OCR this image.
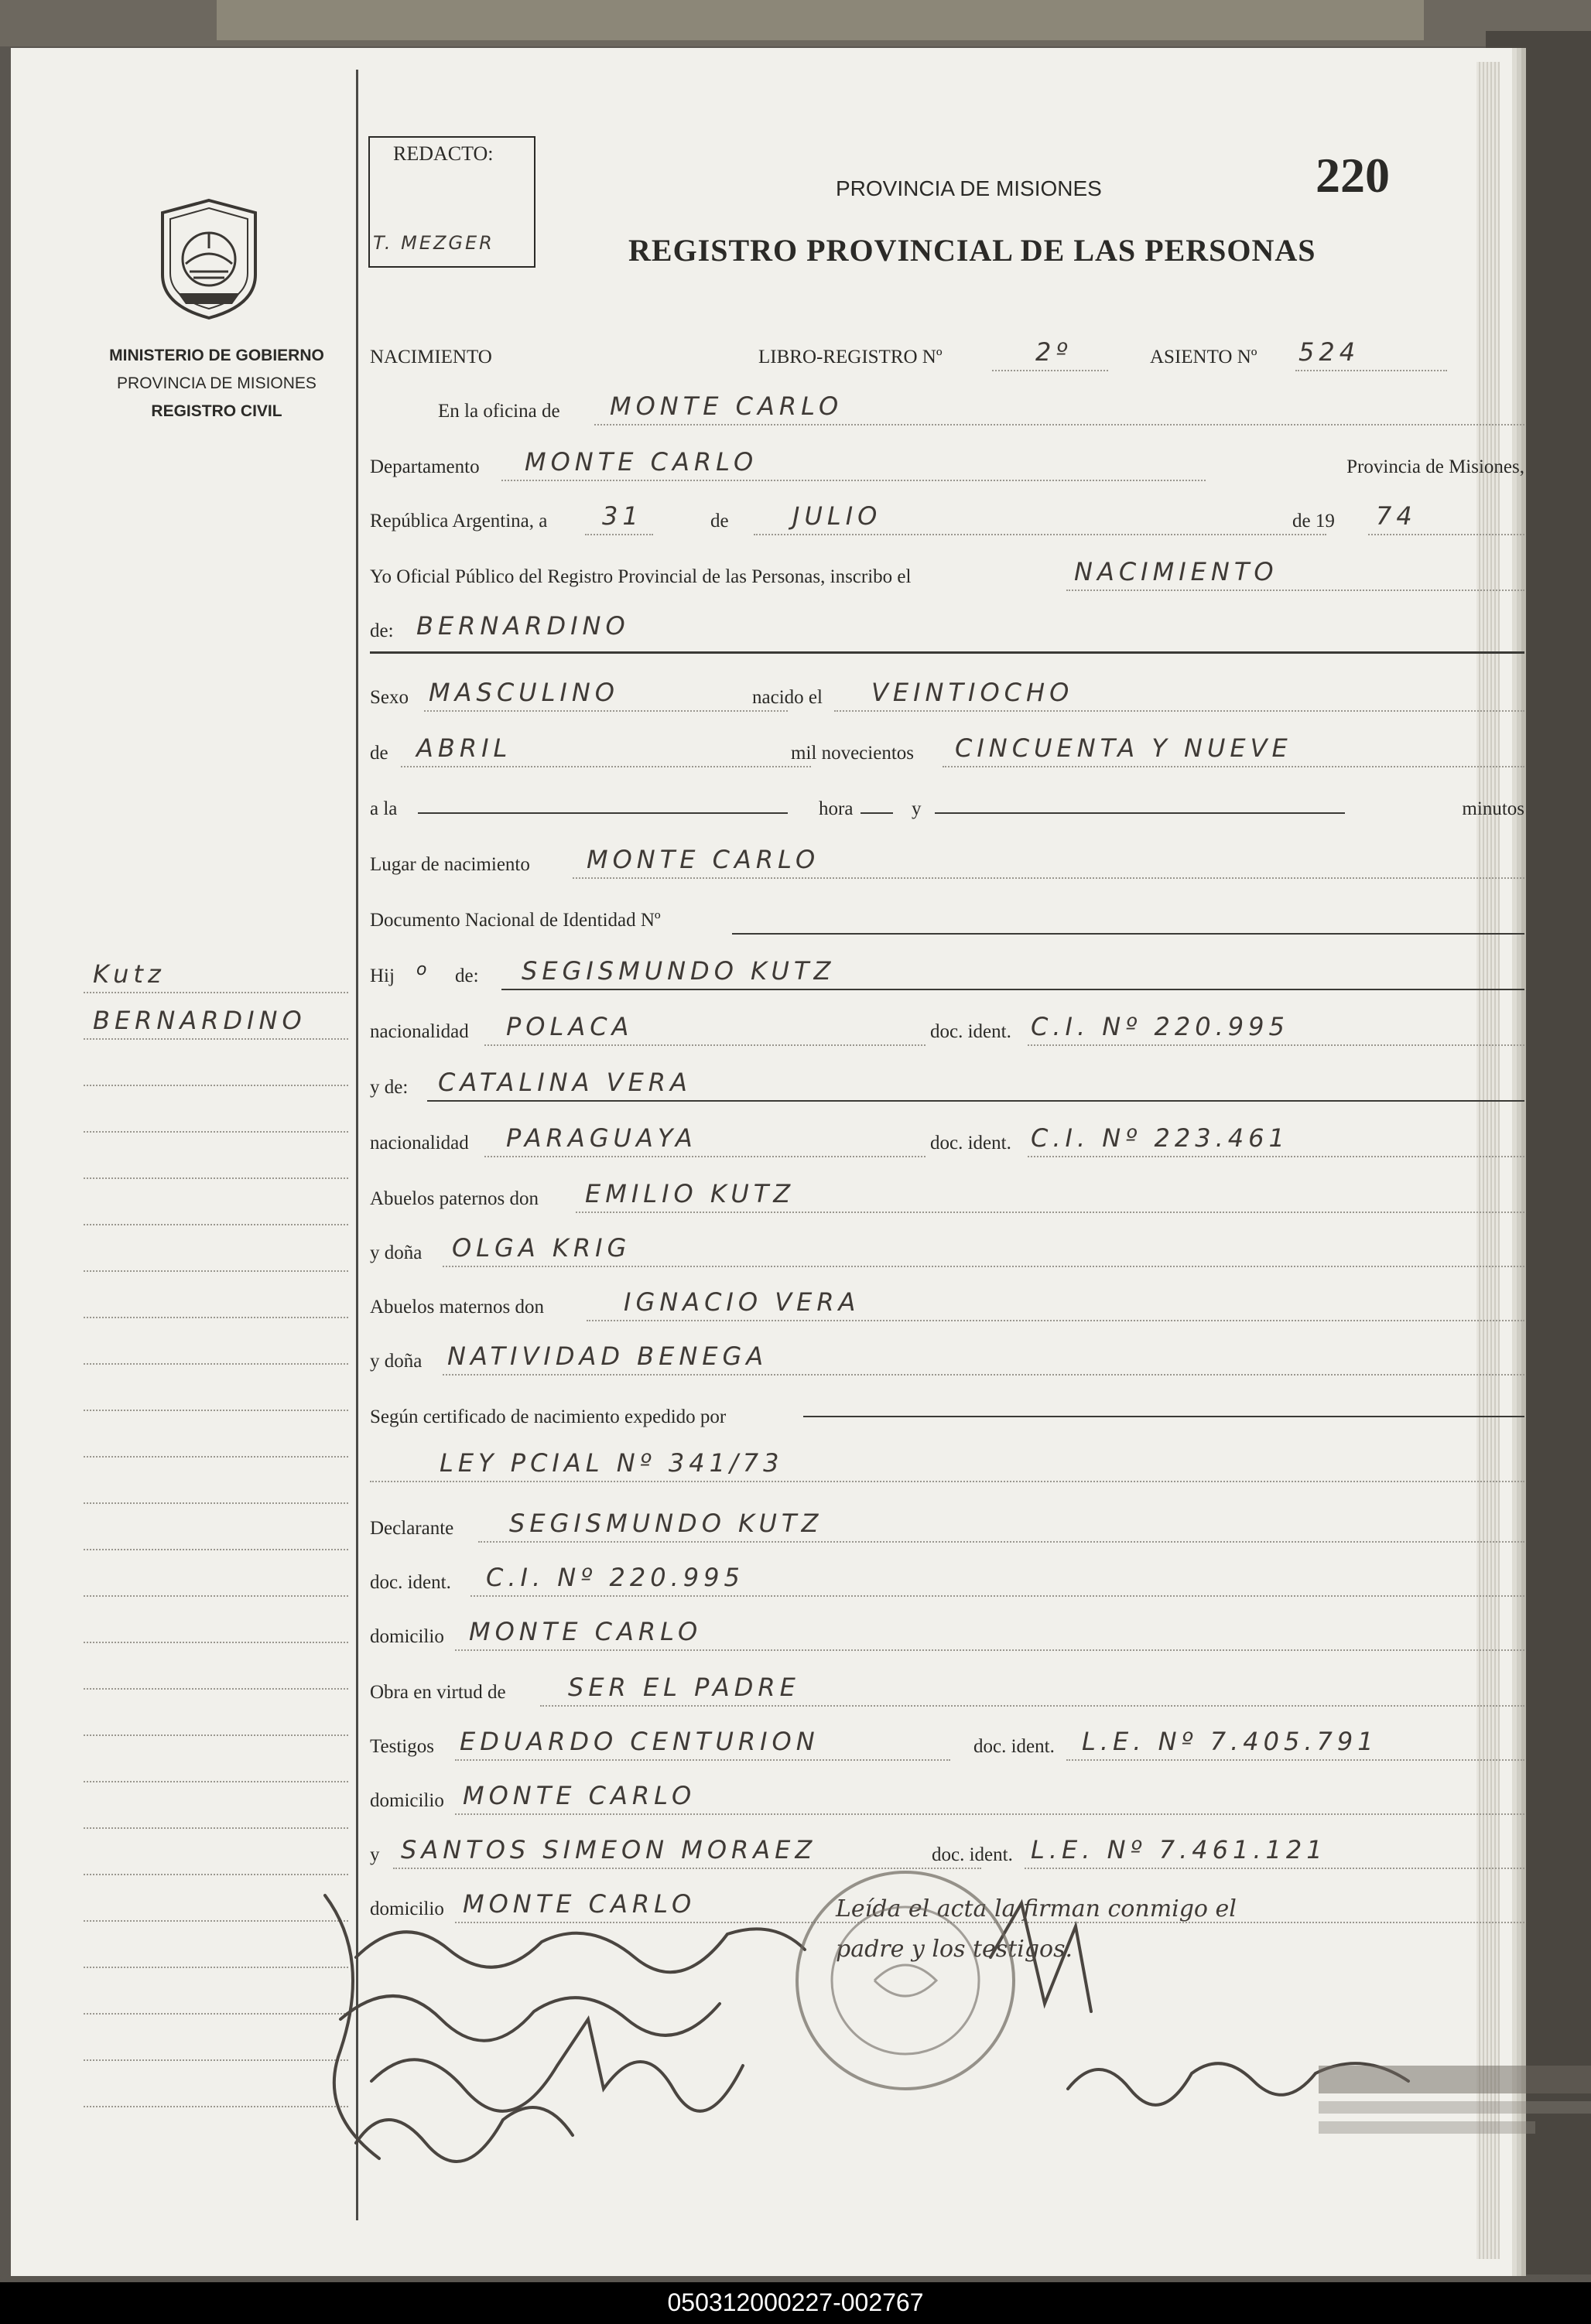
MINISTERIO DE GOBIERNO
PROVINCIA DE MISIONES
REGISTRO CIVIL
Kutz
BERNARDINO
REDACTO:
T. MEZGER
PROVINCIA DE MISIONES
REGISTRO PROVINCIAL DE LAS PERSONAS
220
NACIMIENTO	LIBRO-REGISTRO Nº	2º	ASIENTO Nº 524
En la oficina de MONTE CARLO
Departamento MONTE CARLO	Provincia de Misiones,
República Argentina, a 31	de	JULIO	de 19 74
Yo Oficial Público del Registro Provincial de las Personas, inscribo el	NACIMIENTO
de: BERNARDINO
Sexo MASCULINO	nacido el VEINTIOCHO
de ABRIL	mil novecientos CINCUENTA Y NUEVE
a la	hora	y	minutos
Lugar de nacimiento MONTE CARLO
Documento Nacional de Identidad Nº
Hij o de: SEGISMUNDO KUTZ
nacionalidad POLACA	doc. ident. C.I. Nº 220.995
y de: CATALINA VERA
nacionalidad PARAGUAYA	doc. ident. C.I. Nº 223.461
Abuelos paternos don EMILIO KUTZ
y doña OLGA KRIG
Abuelos maternos don	IGNACIO VERA
y doña NATIVIDAD BENEGA
Según certificado de nacimiento expedido por
LEY PCIAL Nº 341/73
Declarante SEGISMUNDO KUTZ
doc. ident. C.I. Nº 220.995
domicilio MONTE CARLO
Obra en virtud de	SER EL PADRE
Testigos EDUARDO CENTURION	doc. ident. L.E. Nº 7.405.791
domicilio MONTE CARLO
y SANTOS SIMEON MORAEZ	doc. ident. L.E. Nº 7.461.121
domicilio MONTE CARLO	Leída el acta la firman conmigo el padre y los testigos.
050312000227-002767
